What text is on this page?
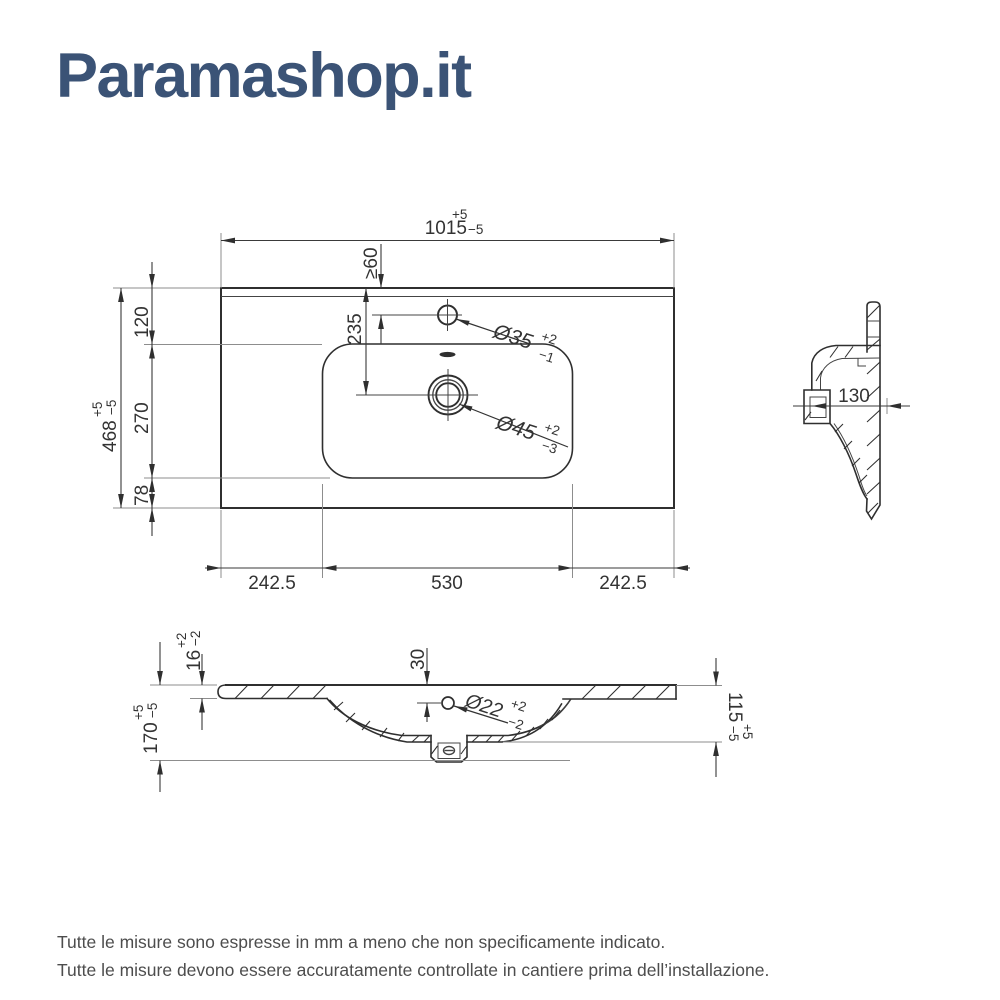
Paramashop.it
1015
+5
−5
468
−5
+5
120
270
78
242.5	530	242.5
≥60
235	Ø35 +2
−1
Ø45 +2
−3
130
16
−2
+2
170
−5
+5
30
Ø22 +2
−2
115
−5 +5
Tutte le misure sono espresse in mm a meno che non specificamente indicato.
Tutte le misure devono essere accuratamente controllate in cantiere prima dell’installazione.
